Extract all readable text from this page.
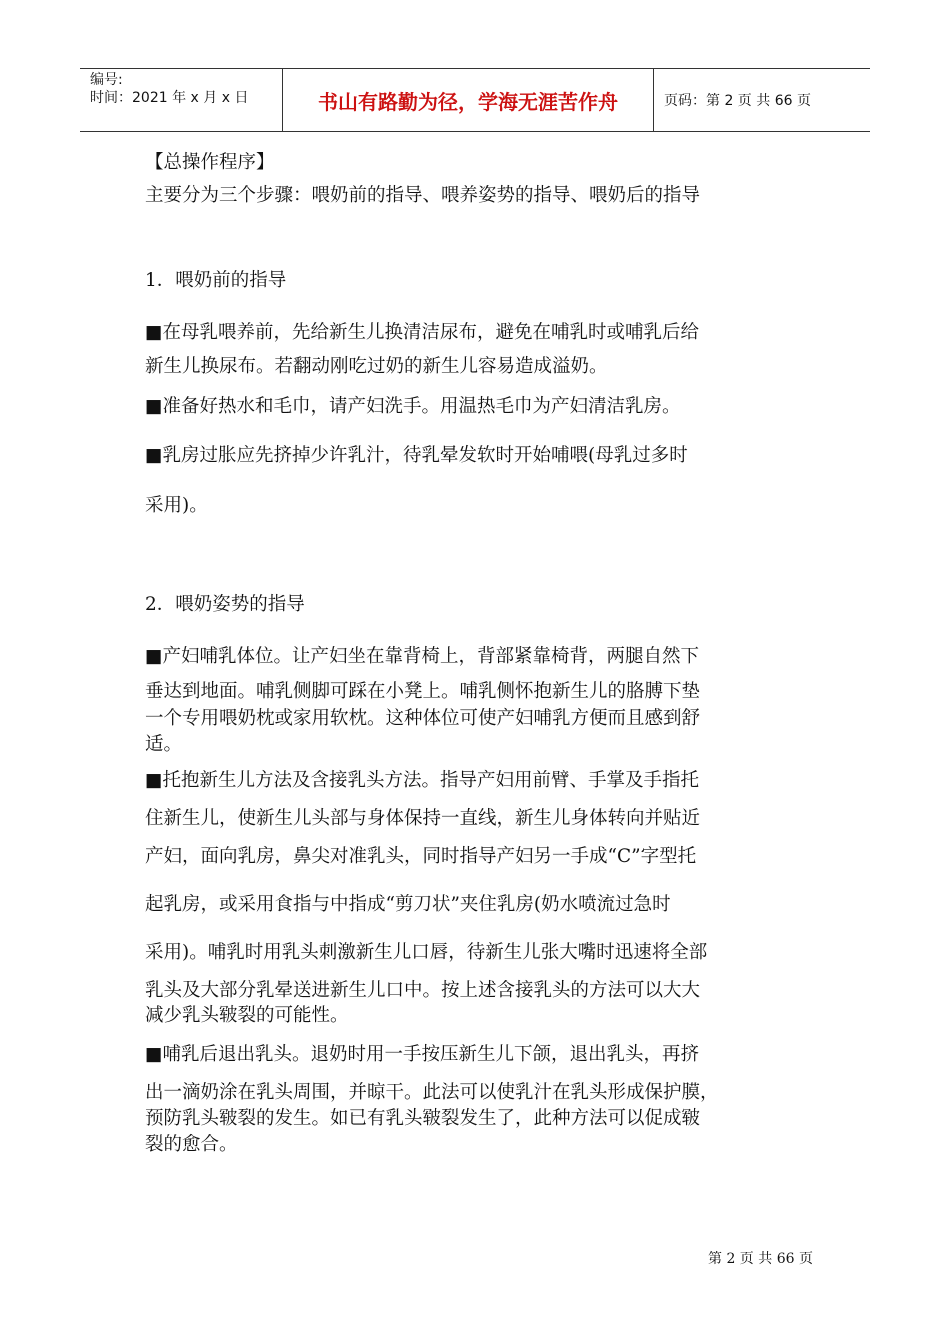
编号:
时间：2021 年 x 月 x 日	书山有路勤为径，学海无涯苦作舟	页码：第 2 页 共 66 页
【总操作程序】
主要分为三个步骤：喂奶前的指导、喂养姿势的指导、喂奶后的指导
1．喂奶前的指导
■在母乳喂养前，先给新生儿换清洁尿布，避免在哺乳时或哺乳后给
新生儿换尿布。若翻动刚吃过奶的新生儿容易造成溢奶。
■准备好热水和毛巾，请产妇洗手。用温热毛巾为产妇清洁乳房。
■乳房过胀应先挤掉少许乳汁，待乳晕发软时开始哺喂(母乳过多时
采用)。
2．喂奶姿势的指导
■产妇哺乳体位。让产妇坐在靠背椅上，背部紧靠椅背，两腿自然下
垂达到地面。哺乳侧脚可踩在小凳上。哺乳侧怀抱新生儿的胳膊下垫
一个专用喂奶枕或家用软枕。这种体位可使产妇哺乳方便而且感到舒
适。
■托抱新生儿方法及含接乳头方法。指导产妇用前臂、手掌及手指托
住新生儿，使新生儿头部与身体保持一直线，新生儿身体转向并贴近
产妇，面向乳房，鼻尖对准乳头，同时指导产妇另一手成“C”字型托
起乳房，或采用食指与中指成“剪刀状”夹住乳房(奶水喷流过急时
采用)。哺乳时用乳头刺激新生儿口唇，待新生儿张大嘴时迅速将全部
乳头及大部分乳晕送进新生儿口中。按上述含接乳头的方法可以大大
减少乳头皲裂的可能性。
■哺乳后退出乳头。退奶时用一手按压新生儿下颌，退出乳头，再挤
出一滴奶涂在乳头周围，并晾干。此法可以使乳汁在乳头形成保护膜，
预防乳头皲裂的发生。如已有乳头皲裂发生了，此种方法可以促成皲
裂的愈合。
第 2 页 共 66 页
